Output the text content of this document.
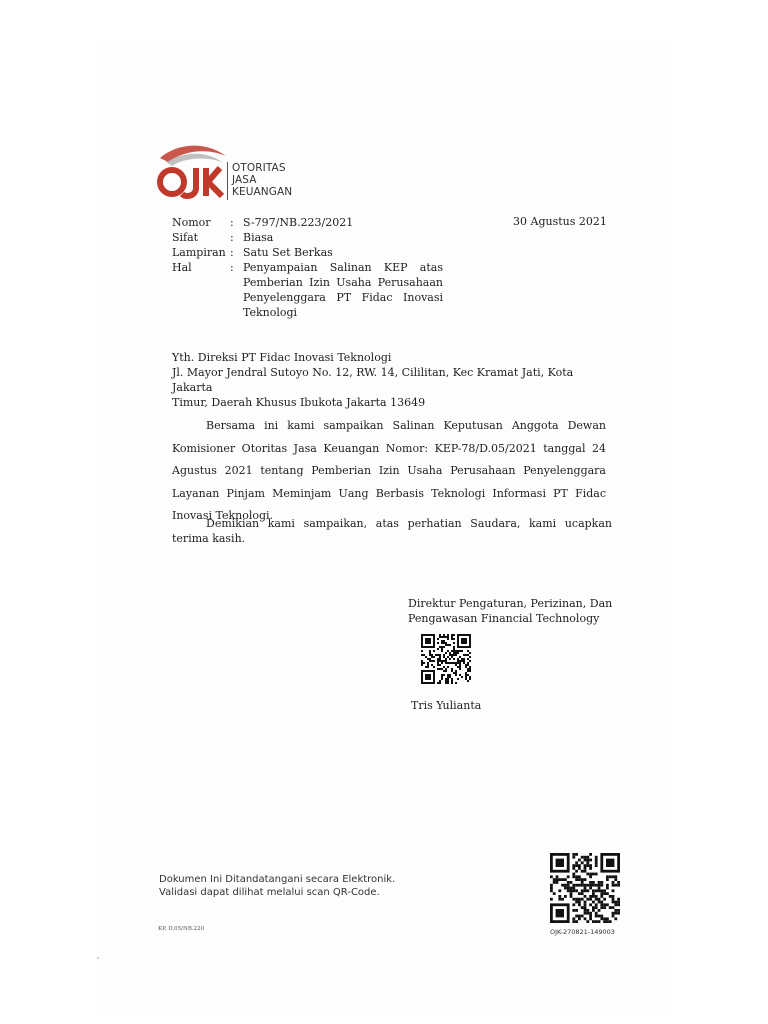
OTORITAS
JASA
KEUANGAN
Nomor	:	S-797/NB.223/2021
Sifat	:	Biasa
Lampiran	:	Satu Set Berkas
Hal	:	Penyampaian Salinan KEP atas
		Pemberian Izin Usaha Perusahaan
		Penyelenggara PT Fidac Inovasi
		Teknologi
30 Agustus 2021
Yth. Direksi PT Fidac Inovasi Teknologi
Jl. Mayor Jendral Sutoyo No. 12, RW. 14, Cililitan, Kec Kramat Jati, Kota Jakarta
Timur, Daerah Khusus Ibukota Jakarta 13649
Bersama ini kami sampaikan Salinan Keputusan Anggota Dewan Komisioner Otoritas Jasa Keuangan Nomor: KEP-78/D.05/2021 tanggal 24 Agustus 2021 tentang Pemberian Izin Usaha Perusahaan Penyelenggara Layanan Pinjam Meminjam Uang Berbasis Teknologi Informasi PT Fidac Inovasi Teknologi.
Demikian kami sampaikan, atas perhatian Saudara, kami ucapkan terima kasih.
Direktur Pengaturan, Perizinan, Dan
Pengawasan Financial Technology
Tris Yulianta
Dokumen Ini Ditandatangani secara Elektronik.
Validasi dapat dilihat melalui scan QR-Code.
KP. D.05/NB.220	OJK-270821-149003
